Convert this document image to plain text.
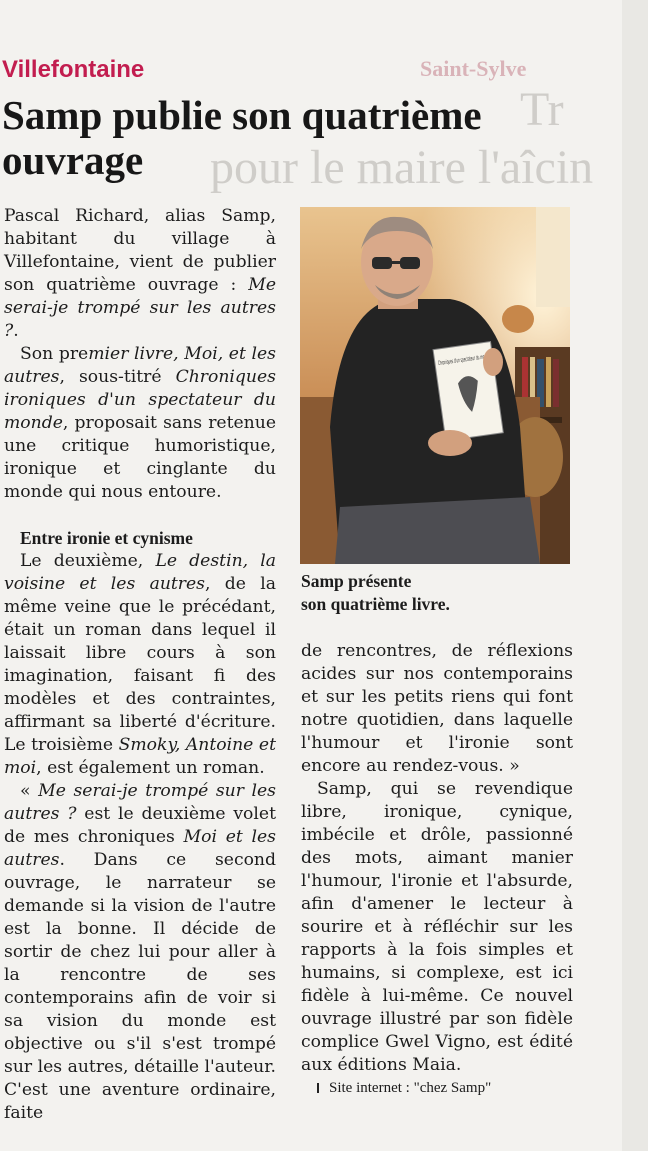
Saint-Sylve
Tr
pour le maire l'aîcin
Villefontaine
Samp publie son quatrième ouvrage

Pascal Richard, alias Samp, habitant du village à Villefontaine, vient de publier son quatrième ouvrage : Me serai-je trompé sur les autres ?.

Son premier livre, Moi, et les autres, sous-titré Chroniques ironiques d'un spectateur du monde, proposait sans retenue une critique humoristique, ironique et cinglante du monde qui nous entoure.

Entre ironie et cynisme

Le deuxième, Le destin, la voisine et les autres, de la même veine que le précédant, était un roman dans lequel il laissait libre cours à son imagination, faisant fi des modèles et des contraintes, affirmant sa liberté d'écriture. Le troisième Smoky, Antoine et moi, est également un roman.

« Me serai-je trompé sur les autres ? est le deuxième volet de mes chroniques Moi et les autres. Dans ce second ouvrage, le narrateur se demande si la vision de l'autre est la bonne. Il décide de sortir de chez lui pour aller à la rencontre de ses contemporains afin de voir si sa vision du monde est objective ou s'il s'est trompé sur les autres, détaille l'auteur. C'est une aventure ordinaire, faite

Samp présente
son quatrième livre.

de rencontres, de réflexions acides sur nos contemporains et sur les petits riens qui font notre quotidien, dans laquelle l'humour et l'ironie sont encore au rendez-vous. »

Samp, qui se revendique libre, ironique, cynique, imbécile et drôle, passionné des mots, aimant manier l'humour, l'ironie et l'absurde, afin d'amener le lecteur à sourire et à réfléchir sur les rapports à la fois simples et humains, si complexe, est ici fidèle à lui-même. Ce nouvel ouvrage illustré par son fidèle complice Gwel Vigno, est édité aux éditions Maia.

Site internet : "chez Samp"
